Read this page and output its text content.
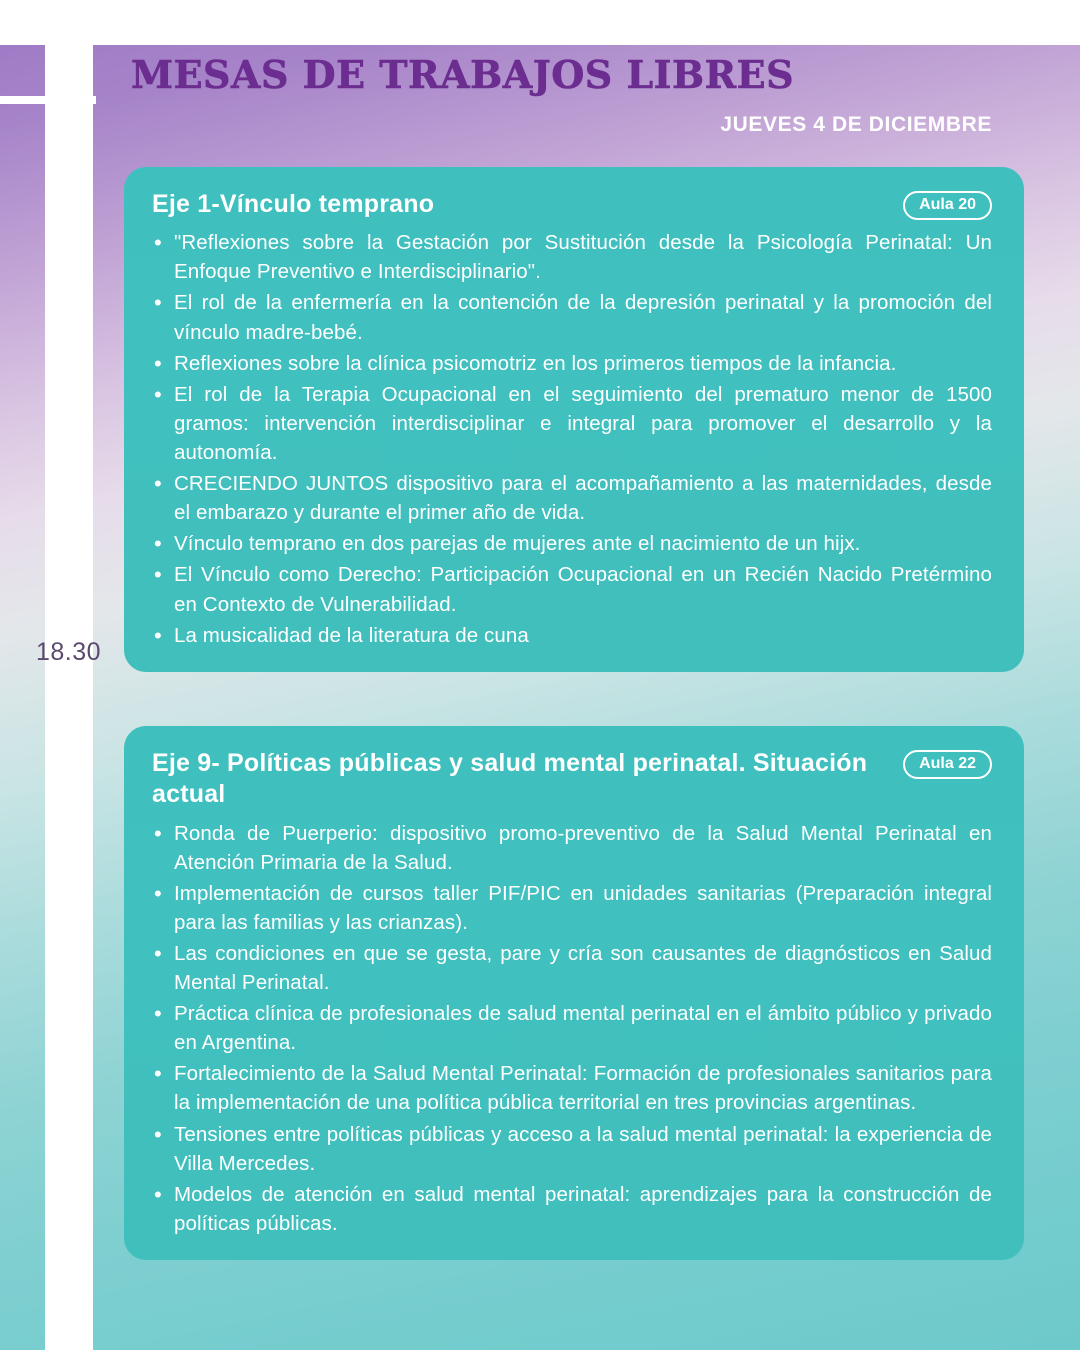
MESAS DE TRABAJOS LIBRES
JUEVES 4 DE DICIEMBRE
18.30
Eje 1-Vínculo temprano	Aula 20
• "Reflexiones sobre la Gestación por Sustitución desde la Psicología Perinatal: Un Enfoque Preventivo e Interdisciplinario".
• El rol de la enfermería en la contención de la depresión perinatal y la promoción del vínculo madre-bebé.
• Reflexiones sobre la clínica psicomotriz en los primeros tiempos de la infancia.
• El rol de la Terapia Ocupacional en el seguimiento del prematuro menor de 1500 gramos: intervención interdisciplinar e integral para promover el desarrollo y la autonomía.
• CRECIENDO JUNTOS dispositivo para el acompañamiento a las maternidades, desde el embarazo y durante el primer año de vida.
• Vínculo temprano en dos parejas de mujeres ante el nacimiento de un hijx.
• El Vínculo como Derecho: Participación Ocupacional en un Recién Nacido Pretérmino en Contexto de Vulnerabilidad.
• La musicalidad de la literatura de cuna
Eje 9- Políticas públicas y salud mental perinatal. Situación actual
Aula 22
• Ronda de Puerperio: dispositivo promo-preventivo de la Salud Mental Perinatal en Atención Primaria de la Salud.
• Implementación de cursos taller PIF/PIC en unidades sanitarias (Preparación integral para las familias y las crianzas).
• Las condiciones en que se gesta, pare y cría son causantes de diagnósticos en Salud Mental Perinatal.
• Práctica clínica de profesionales de salud mental perinatal en el ámbito público y privado en Argentina.
• Fortalecimiento de la Salud Mental Perinatal: Formación de profesionales sanitarios para la implementación de una política pública territorial en tres provincias argentinas.
• Tensiones entre políticas públicas y acceso a la salud mental perinatal: la experiencia de Villa Mercedes.
• Modelos de atención en salud mental perinatal: aprendizajes para la construcción de políticas públicas.
